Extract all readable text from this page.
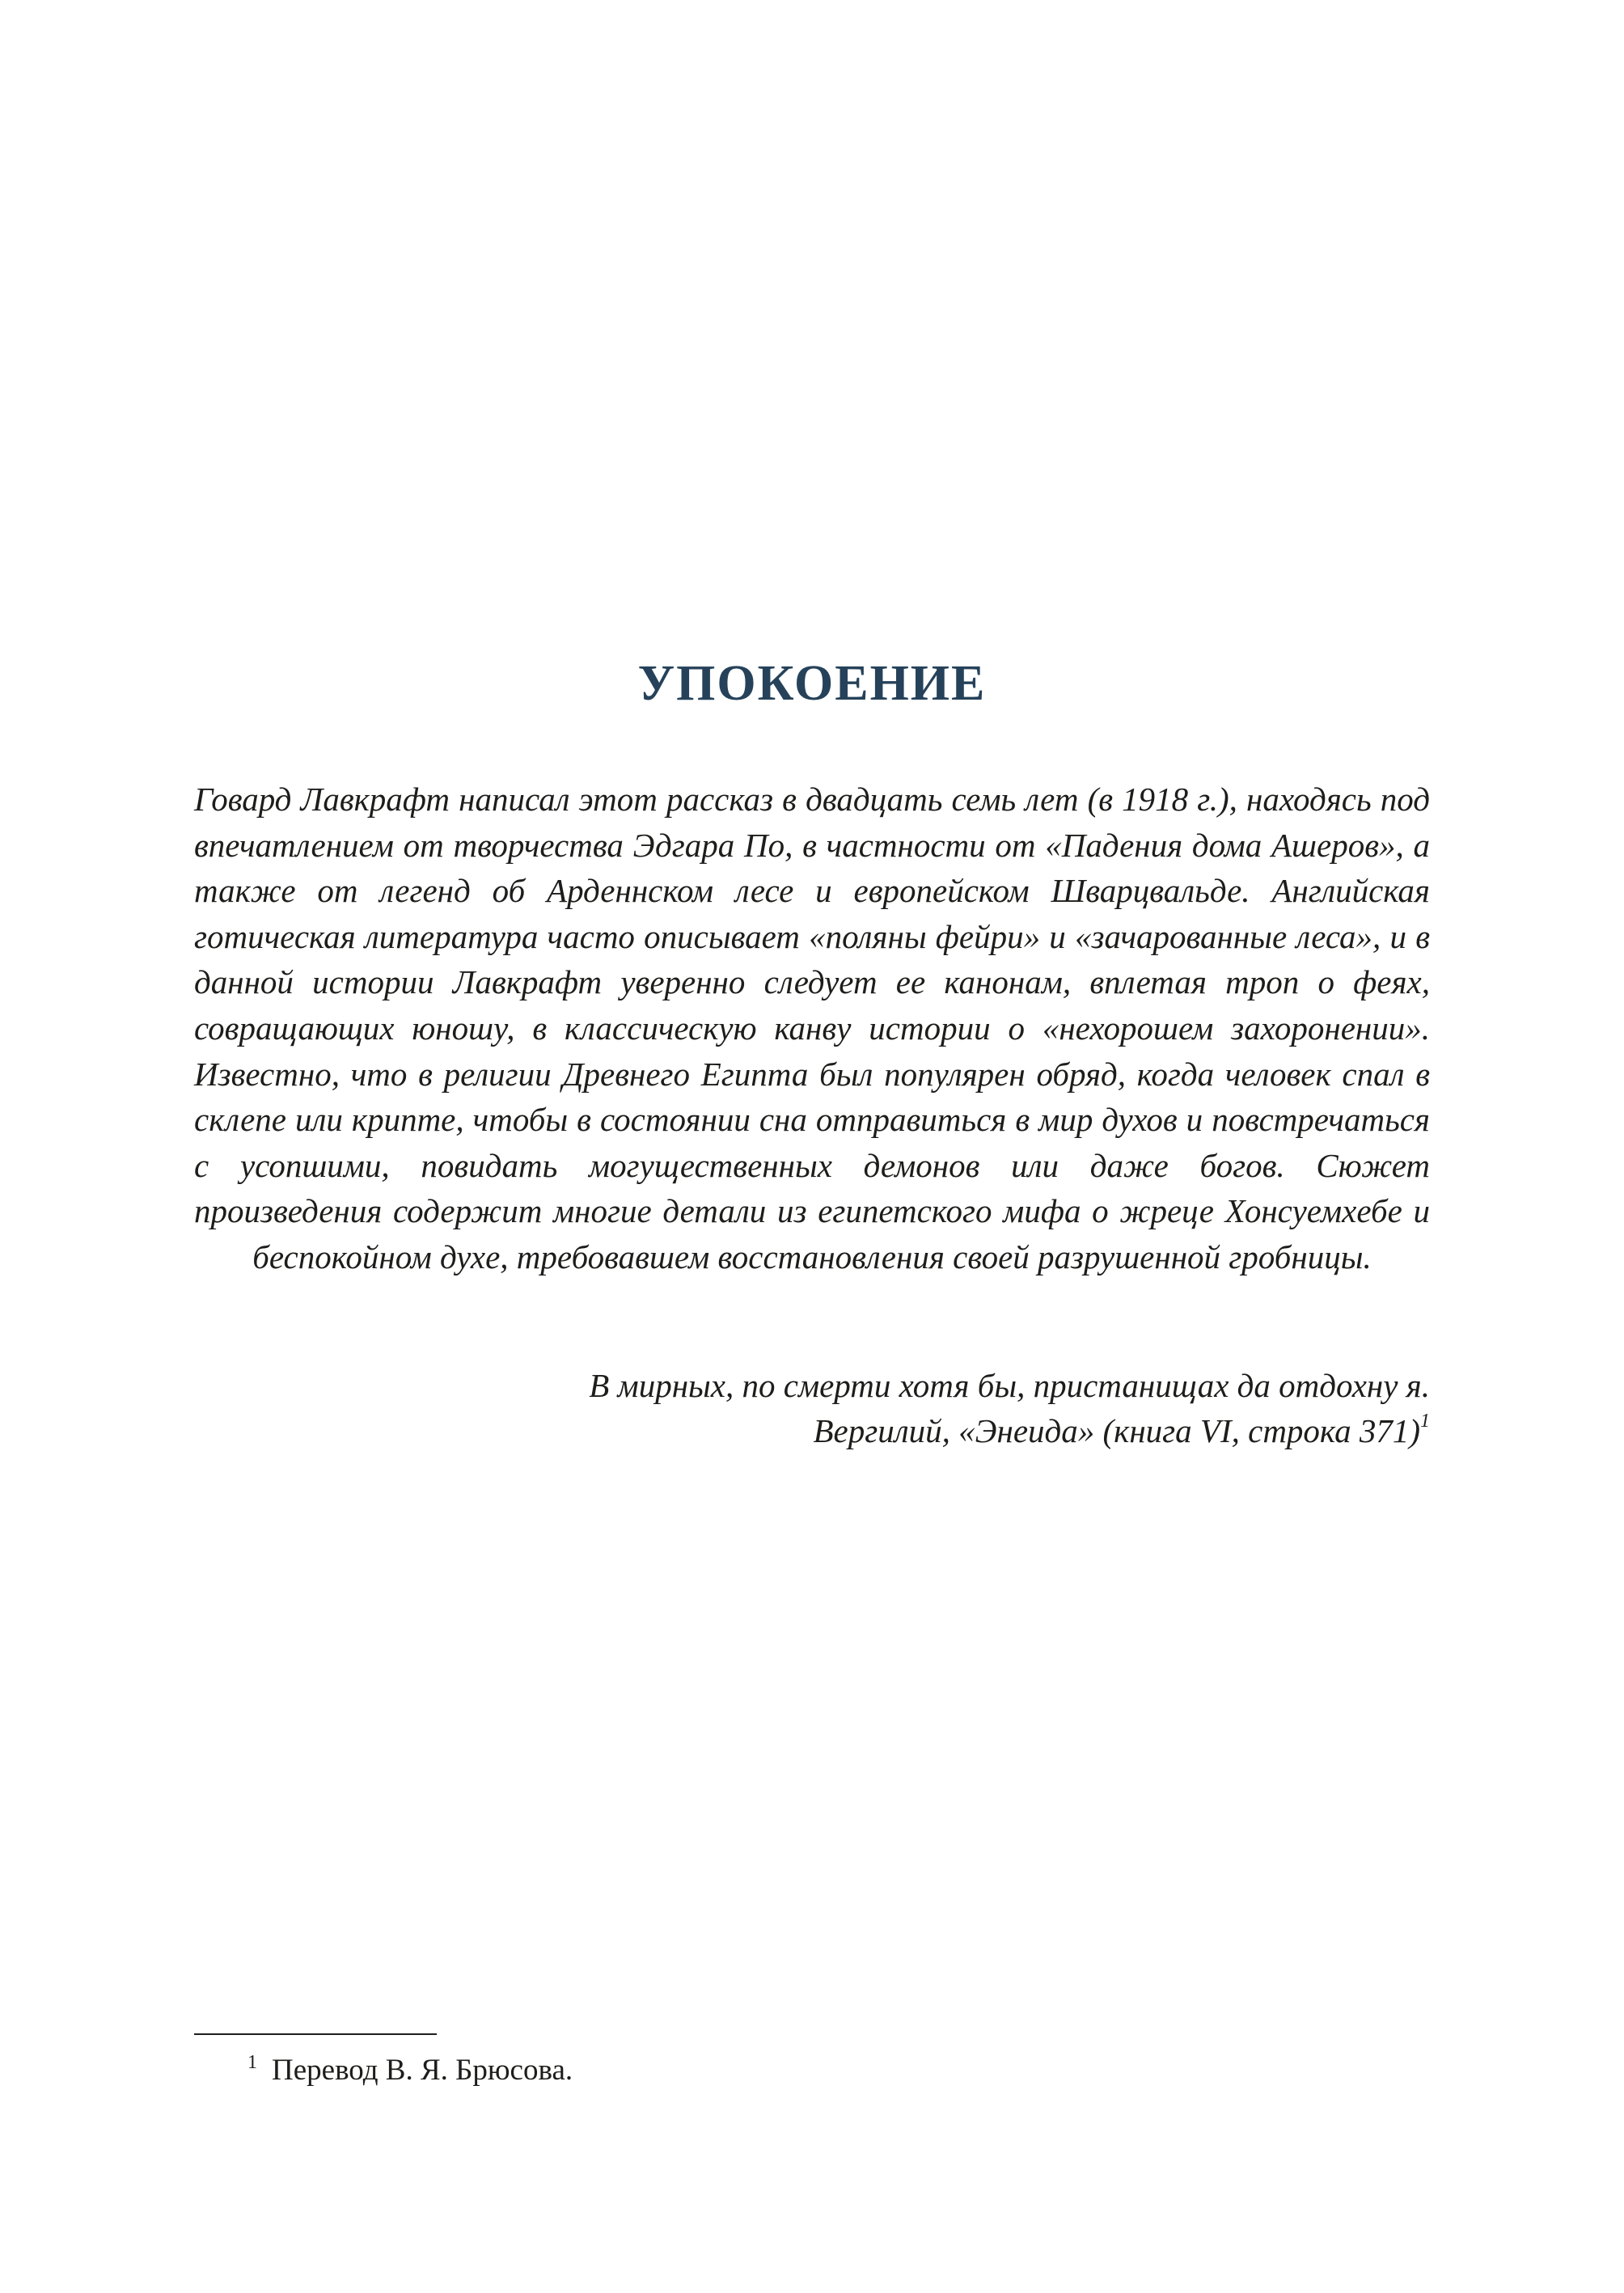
УПОКОЕНИЕ

Говард Лавкрафт написал этот рассказ в двадцать семь лет (в 1918 г.), находясь под впечатлением от творчества Эдгара По, в частности от «Падения дома Ашеров», а также от легенд об Арденнском лесе и европейском Шварцвальде. Английская готическая литература часто описывает «поляны фейри» и «зачарованные леса», и в данной истории Лавкрафт уверенно следует ее канонам, вплетая троп о феях, совращающих юношу, в классическую канву истории о «нехорошем захоронении». Известно, что в религии Древнего Египта был популярен обряд, когда человек спал в склепе или крипте, чтобы в состоянии сна отправиться в мир духов и повстречаться с усопшими, повидать могущественных демонов или даже богов. Сюжет произведения содержит многие детали из египетского мифа о жреце Хонсуемхебе и беспокойном духе, требовавшем восстановления своей разрушенной гробницы.

В мирных, по смерти хотя бы, пристанищах да отдохну я.
Вергилий, «Энеида» (книга VI, строка 371)$^1$

$^1$ Перевод В. Я. Брюсова.
